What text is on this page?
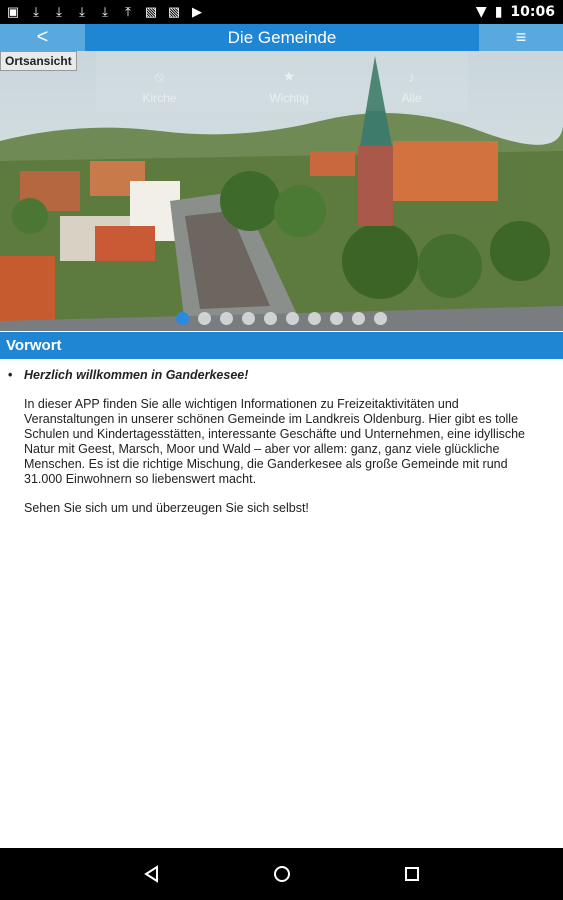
▣	⤓	⤓	⤓	⤓	⤒	▧ ▧ ▶	▼ ▮ 10:06
<	Die Gemeinde	≡
⦸
Kirche
★
Wichtig
♪
Alle
Ortsansicht
Vorwort
• Herzlich willkommen in Ganderkesee!

In dieser APP finden Sie alle wichtigen Informationen zu Freizeitaktivitäten und Veranstaltungen in unserer schönen Gemeinde im Landkreis Oldenburg. Hier gibt es tolle Schulen und Kindertagesstätten, interessante Geschäfte und Unternehmen, eine idyllische Natur mit Geest, Marsch, Moor und Wald – aber vor allem: ganz, ganz viele glückliche Menschen. Es ist die richtige Mischung, die Ganderkesee als große Gemeinde mit rund 31.000 Einwohnern so liebenswert macht.

Sehen Sie sich um und überzeugen Sie sich selbst!
